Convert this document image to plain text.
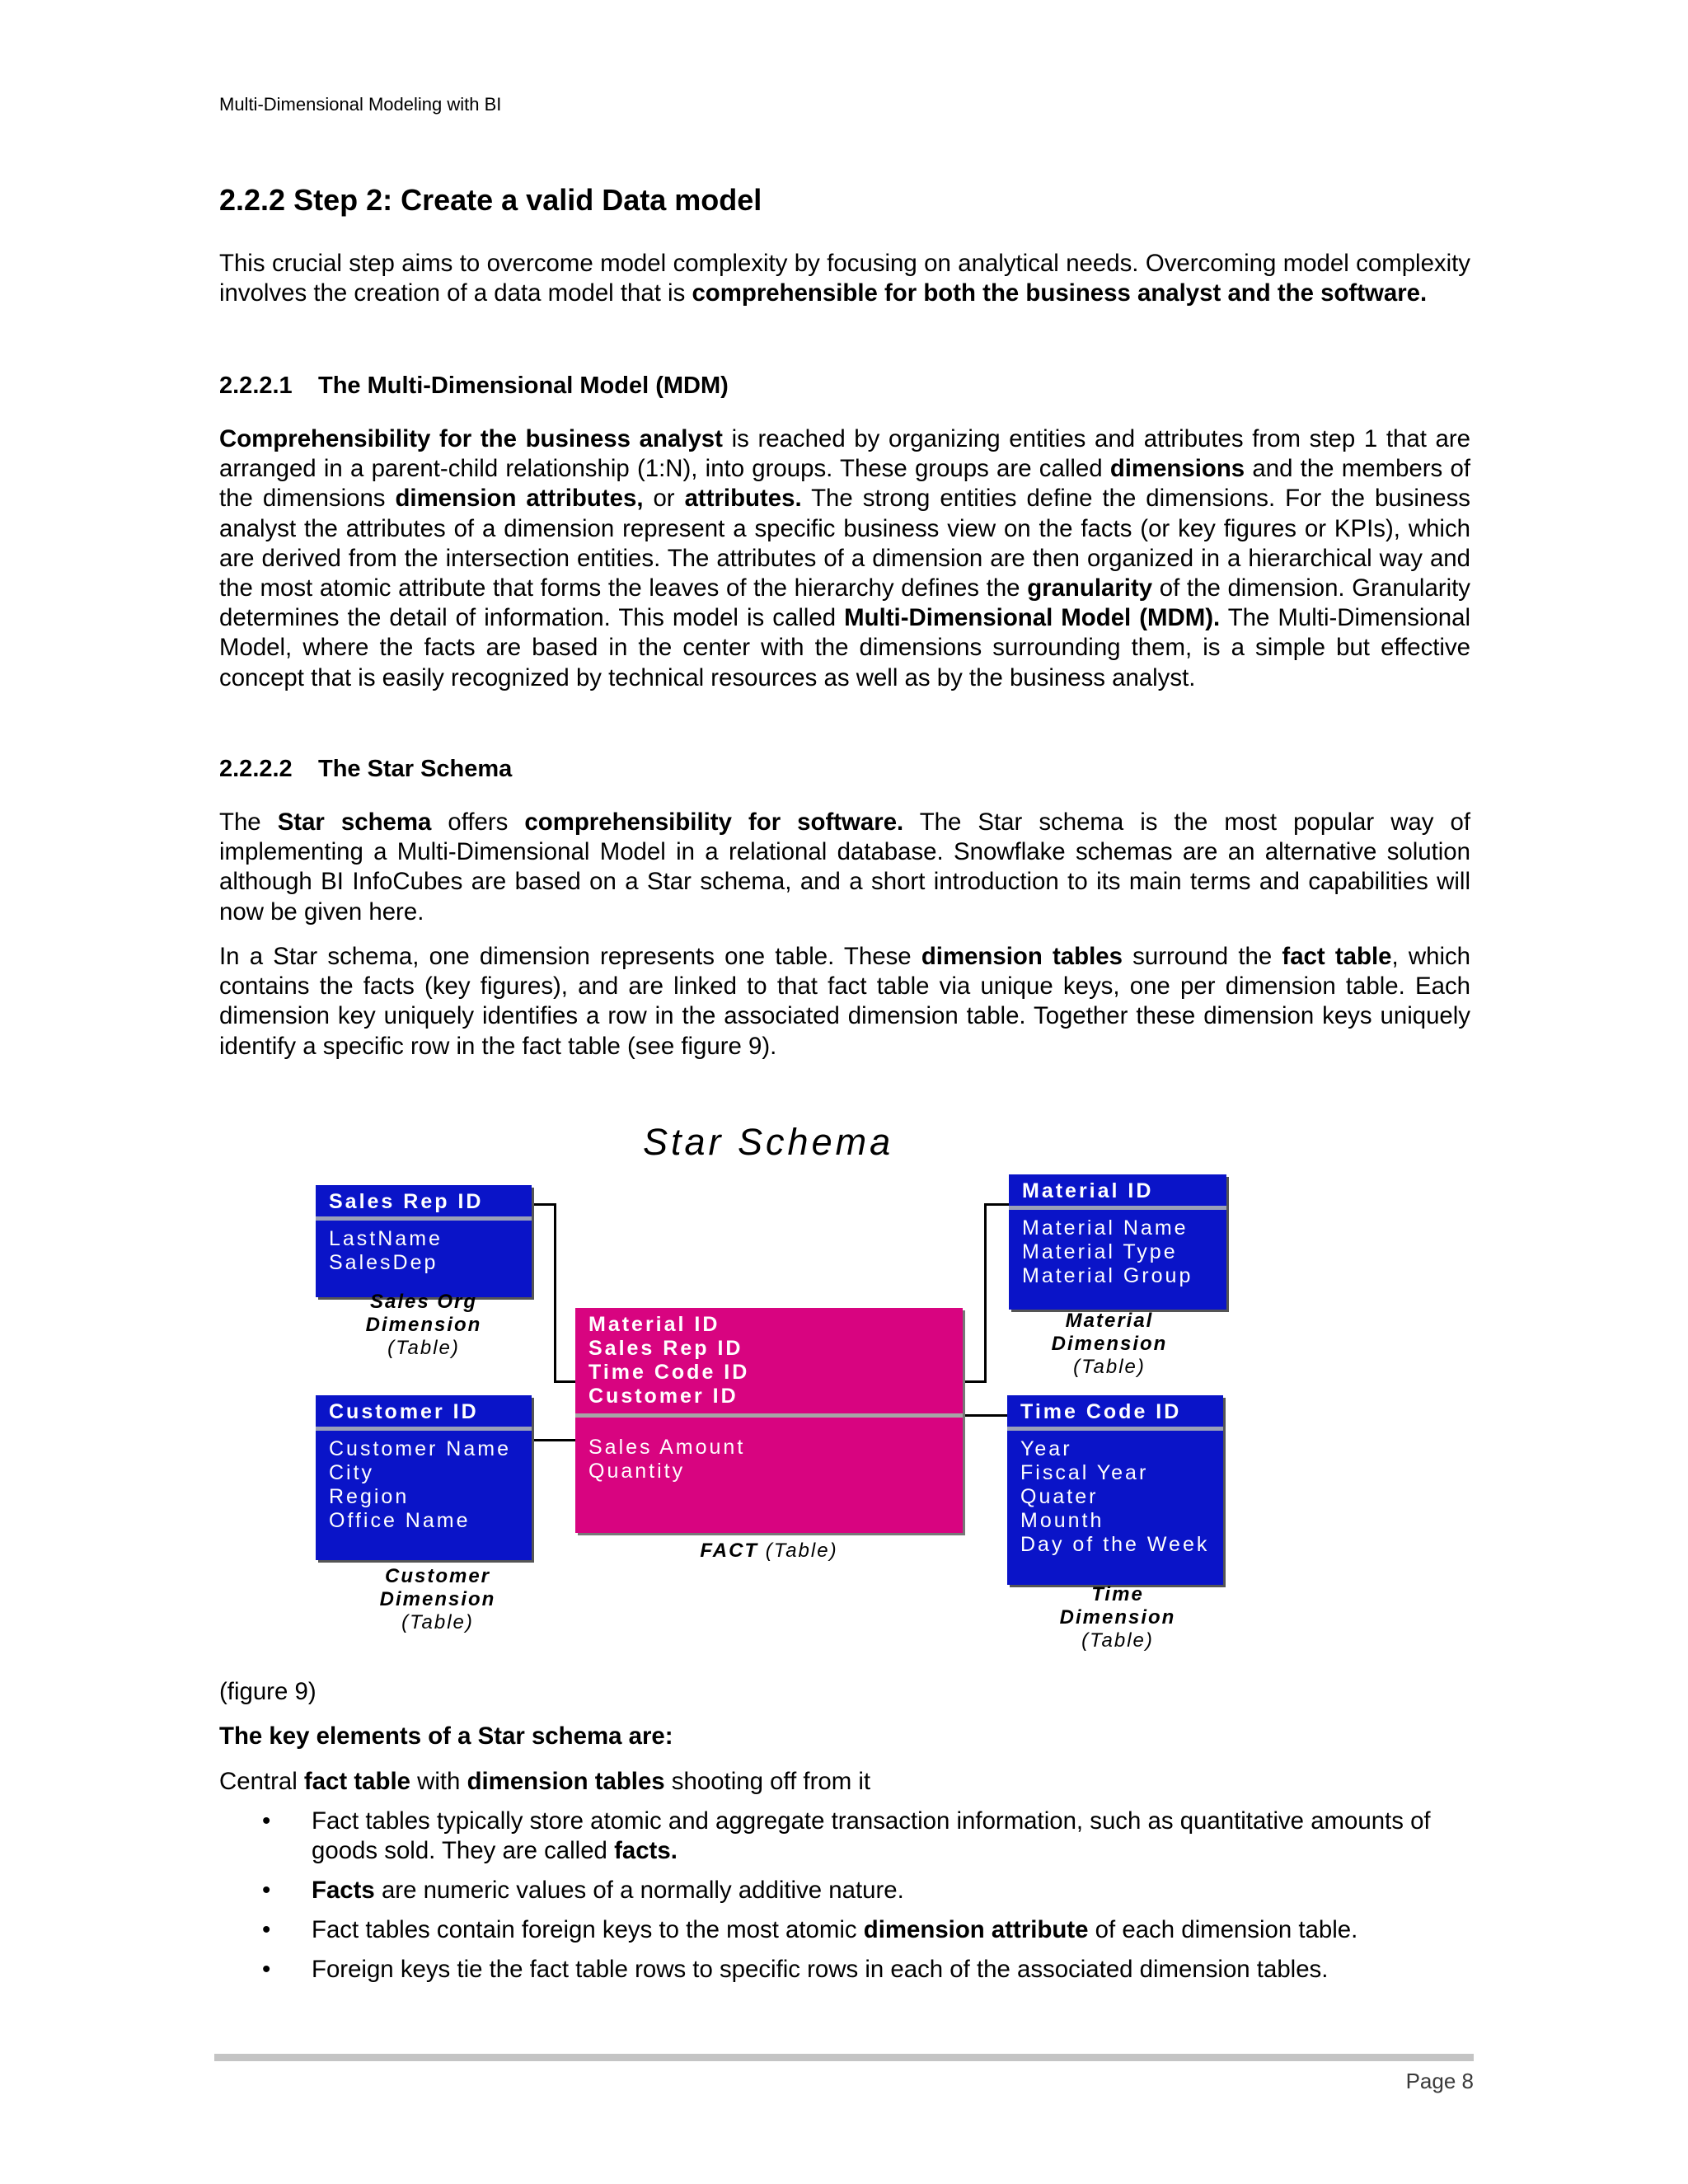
Multi-Dimensional Modeling with BI
2.2.2 Step 2: Create a valid Data model

This crucial step aims to overcome model complexity by focusing on analytical needs. Overcoming model complexity involves the creation of a data model that is comprehensible for both the business analyst and the software.

2.2.2.1 The Multi-Dimensional Model (MDM)

Comprehensibility for the business analyst is reached by organizing entities and attributes from step 1 that are arranged in a parent-child relationship (1:N), into groups. These groups are called dimensions and the members of the dimensions dimension attributes, or attributes. The strong entities define the dimensions. For the business analyst the attributes of a dimension represent a specific business view on the facts (or key figures or KPIs), which are derived from the intersection entities. The attributes of a dimension are then organized in a hierarchical way and the most atomic attribute that forms the leaves of the hierarchy defines the granularity of the dimension. Granularity determines the detail of information. This model is called Multi-Dimensional Model (MDM). The Multi-Dimensional Model, where the facts are based in the center with the dimensions surrounding them, is a simple but effective concept that is easily recognized by technical resources as well as by the business analyst.

2.2.2.2 The Star Schema

The Star schema offers comprehensibility for software. The Star schema is the most popular way of implementing a Multi-Dimensional Model in a relational database. Snowflake schemas are an alternative solution although BI InfoCubes are based on a Star schema, and a short introduction to its main terms and capabilities will now be given here.

In a Star schema, one dimension represents one table. These dimension tables surround the fact table, which contains the facts (key figures), and are linked to that fact table via unique keys, one per dimension table. Each dimension key uniquely identifies a row in the associated dimension table. Together these dimension keys uniquely identify a specific row in the fact table (see figure 9).

Star Schema
Sales Rep ID
LastName
SalesDep
Sales Org
Dimension
(Table)
Customer ID
Customer Name
City
Region
Office Name
Customer
Dimension
(Table)
Material ID
Sales Rep ID
Time Code ID
Customer ID
Sales Amount
Quantity
FACT (Table)
Material ID
Material Name
Material Type
Material Group
Material
Dimension
(Table)
Time Code ID
Year
Fiscal Year
Quater
Mounth
Day of the Week
Time
Dimension
(Table)
(figure 9)
The key elements of a Star schema are:
Central fact table with dimension tables shooting off from it
• Fact tables typically store atomic and aggregate transaction information, such as quantitative amounts of goods sold. They are called facts.
• Facts are numeric values of a normally additive nature.
• Fact tables contain foreign keys to the most atomic dimension attribute of each dimension table.
• Foreign keys tie the fact table rows to specific rows in each of the associated dimension tables.
Page 8
